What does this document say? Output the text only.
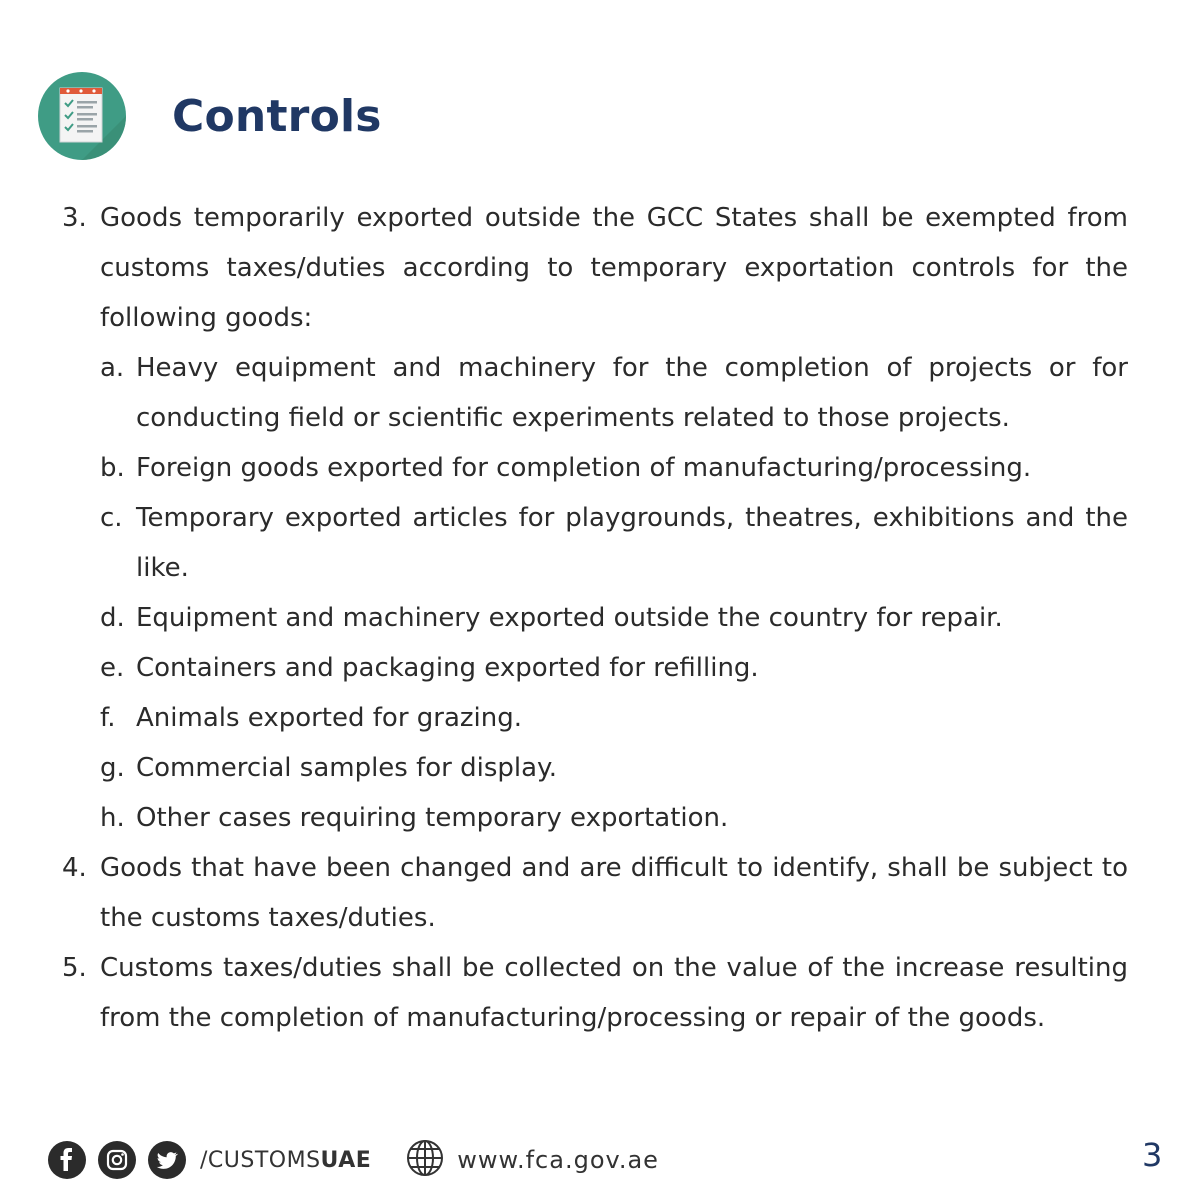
Controls
3. Goods temporarily exported outside the GCC States shall be exempted from customs taxes/duties according to temporary exportation controls for the following goods:
a. Heavy equipment and machinery for the completion of projects or for conducting field or scientific experiments related to those projects.
b. Foreign goods exported for completion of manufacturing/processing.
c. Temporary exported articles for playgrounds, theatres, exhibitions and the like.
d. Equipment and machinery exported outside the country for repair.
e. Containers and packaging exported for refilling.
f. Animals exported for grazing.
g. Commercial samples for display.
h. Other cases requiring temporary exportation.
4. Goods that have been changed and are difficult to identify, shall be subject to the customs taxes/duties.
5. Customs taxes/duties shall be collected on the value of the increase resulting from the completion of manufacturing/processing or repair of the goods.
/CUSTOMSUAE	www.fca.gov.ae	3
